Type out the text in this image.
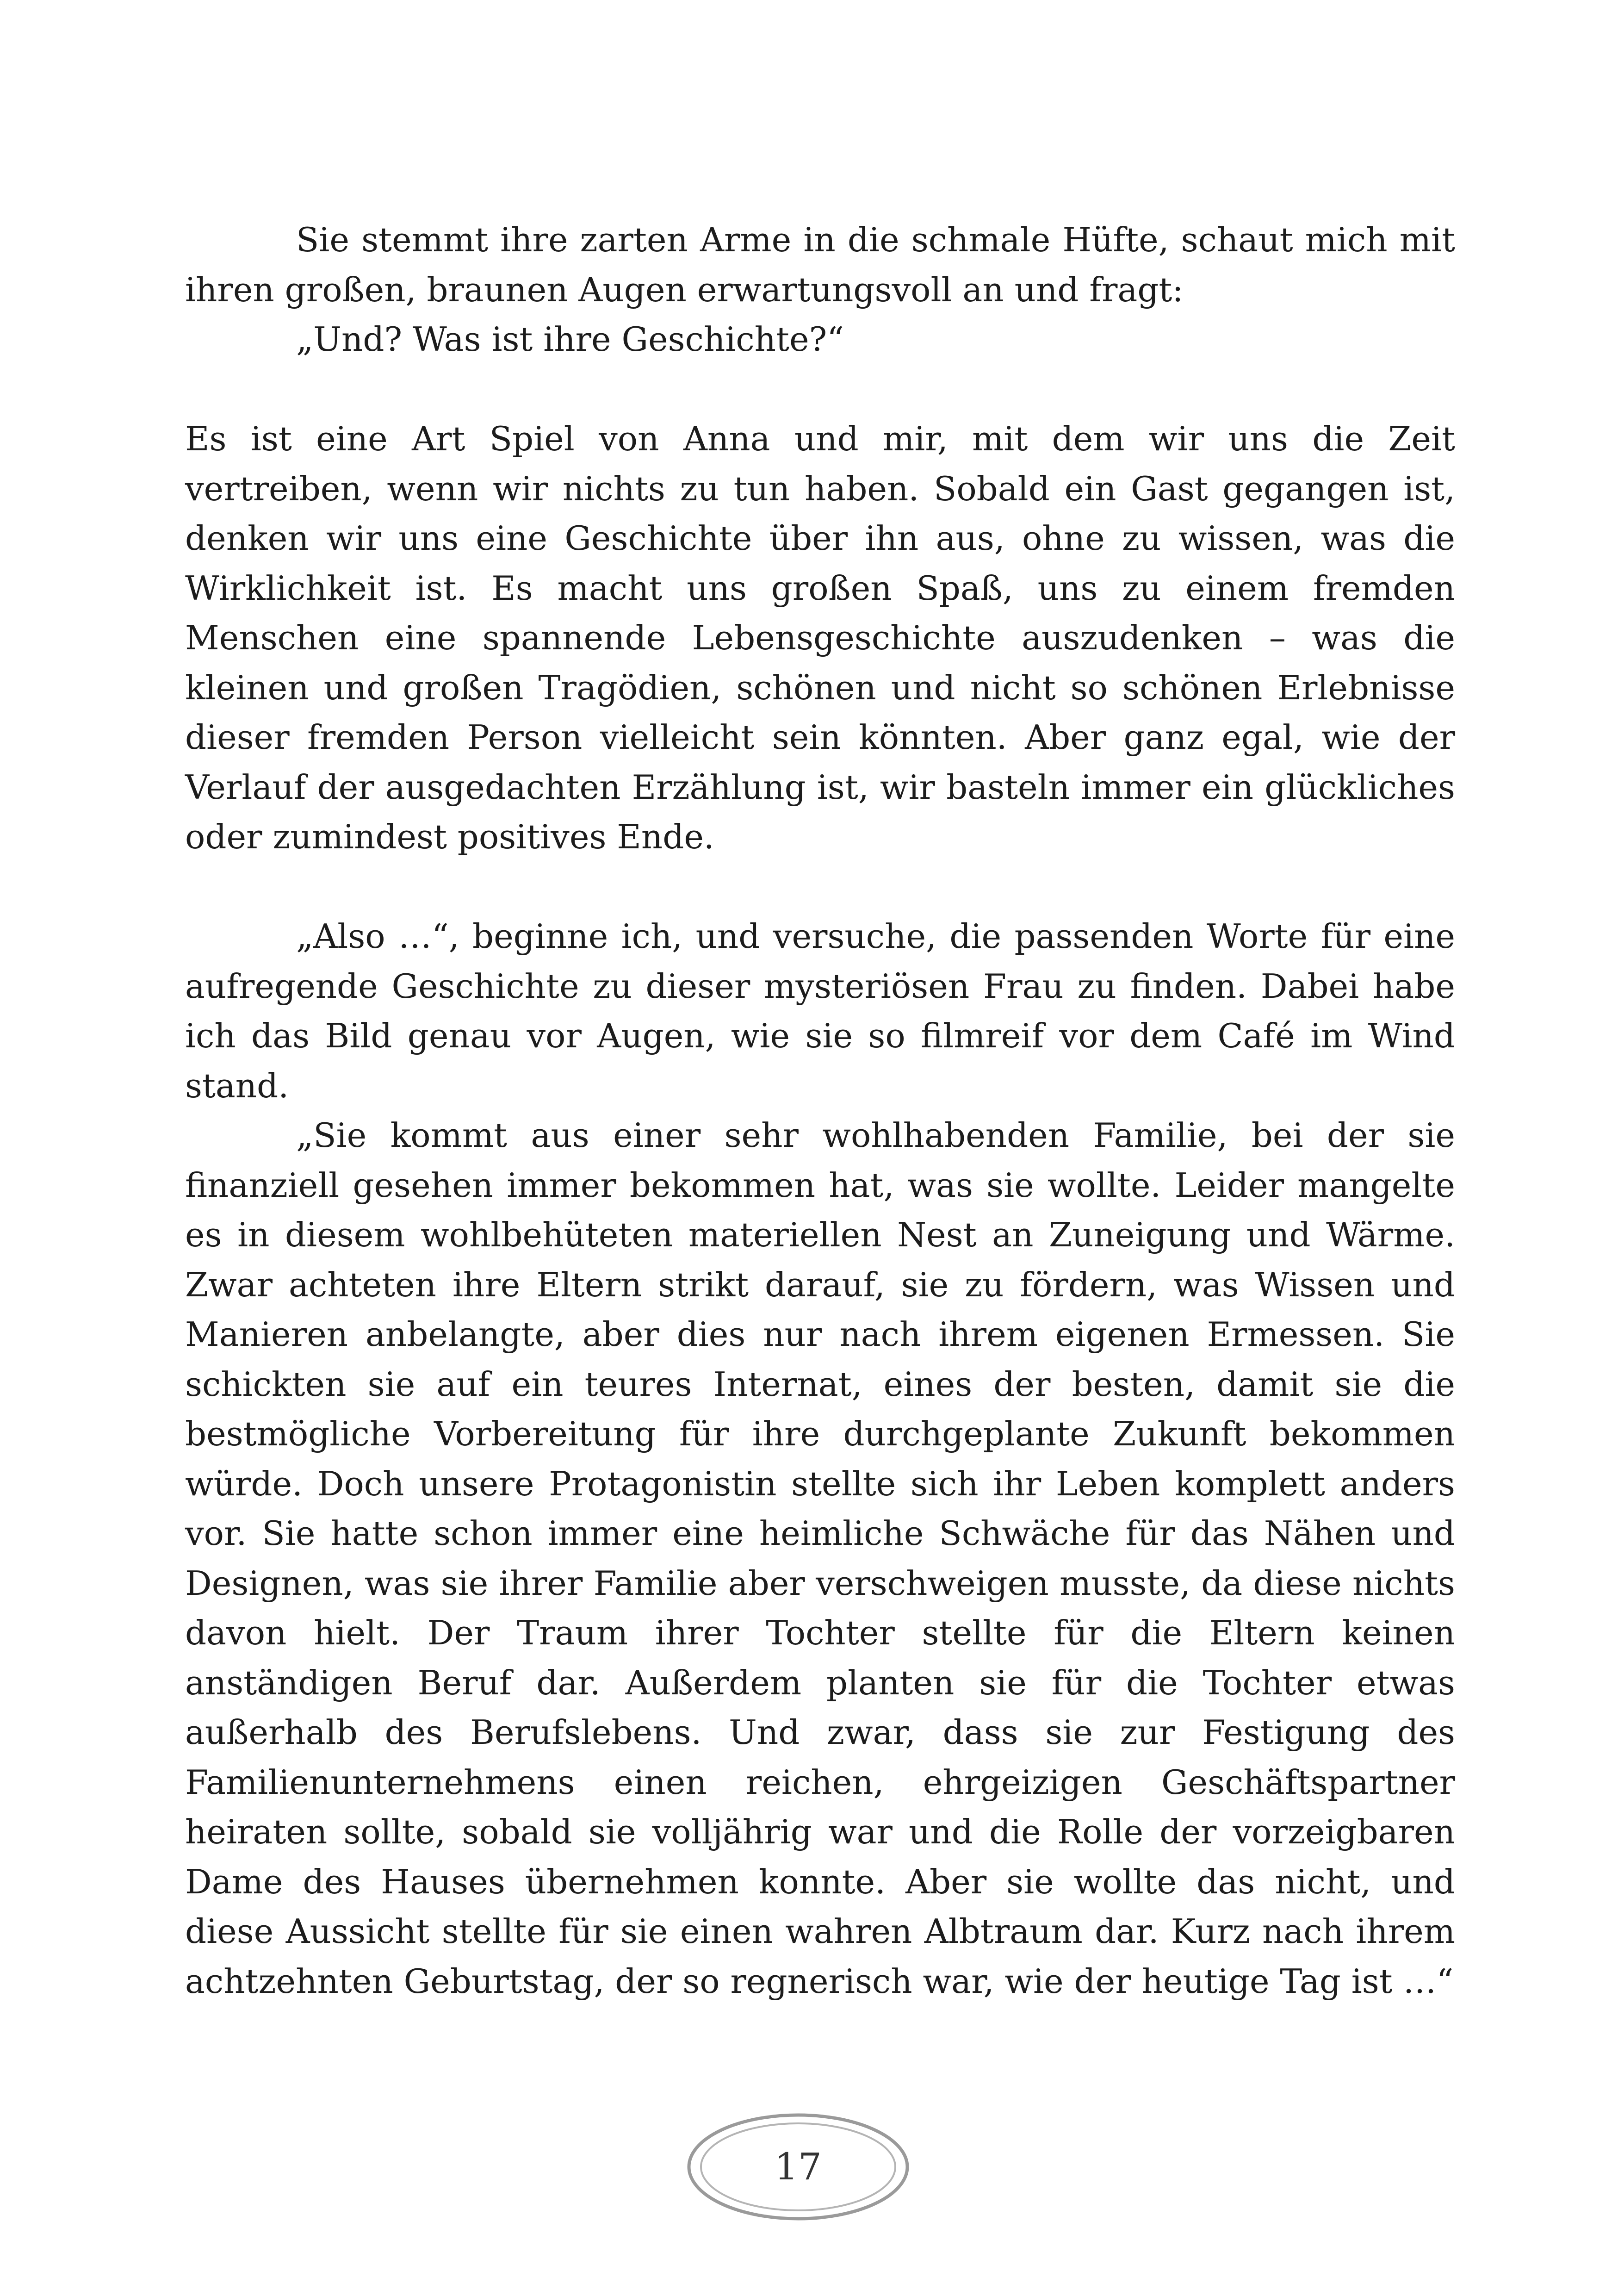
Sie stemmt ihre zarten Arme in die schmale Hüfte, schaut mich mit ihren großen, braunen Augen erwartungsvoll an und fragt:

„Und? Was ist ihre Geschichte?“

Es ist eine Art Spiel von Anna und mir, mit dem wir uns die Zeit vertreiben, wenn wir nichts zu tun haben. Sobald ein Gast gegangen ist, denken wir uns eine Geschichte über ihn aus, ohne zu wissen, was die Wirklichkeit ist. Es macht uns großen Spaß, uns zu einem fremden Menschen eine spannende Lebensgeschichte auszudenken – was die kleinen und großen Tragödien, schönen und nicht so schönen Erlebnisse dieser fremden Person vielleicht sein könnten. Aber ganz egal, wie der Verlauf der ausgedachten Erzählung ist, wir basteln immer ein glückliches oder zumindest positives Ende.

„Also …“, beginne ich, und versuche, die passenden Worte für eine aufregende Geschichte zu dieser mysteriösen Frau zu finden. Dabei habe ich das Bild genau vor Augen, wie sie so filmreif vor dem Café im Wind stand.

„Sie kommt aus einer sehr wohlhabenden Familie, bei der sie finanziell gesehen immer bekommen hat, was sie wollte. Leider mangelte es in diesem wohlbehüteten materiellen Nest an Zuneigung und Wärme. Zwar achteten ihre Eltern strikt darauf, sie zu fördern, was Wissen und Manieren anbelangte, aber dies nur nach ihrem eigenen Ermessen. Sie schickten sie auf ein teures Internat, eines der besten, damit sie die bestmögliche Vorbereitung für ihre durchgeplante Zukunft bekommen würde. Doch unsere Protagonistin stellte sich ihr Leben komplett anders vor. Sie hatte schon immer eine heimliche Schwäche für das Nähen und Designen, was sie ihrer Familie aber verschweigen musste, da diese nichts davon hielt. Der Traum ihrer Tochter stellte für die Eltern keinen anständigen Beruf dar. Außerdem planten sie für die Tochter etwas außerhalb des Berufslebens. Und zwar, dass sie zur Festigung des Familienunternehmens einen reichen, ehrgeizigen Geschäftspartner heiraten sollte, sobald sie volljährig war und die Rolle der vorzeigbaren Dame des Hauses übernehmen konnte. Aber sie wollte das nicht, und diese Aussicht stellte für sie einen wahren Albtraum dar. Kurz nach ihrem achtzehnten Geburtstag, der so regnerisch war, wie der heutige Tag ist …“

17
